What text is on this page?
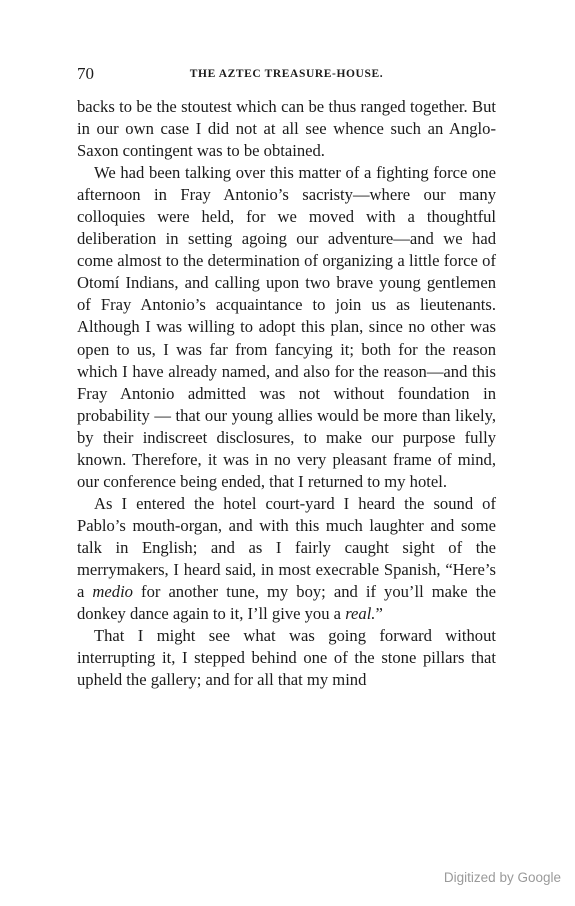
70	THE AZTEC TREASURE-HOUSE.

backs to be the stoutest which can be thus ranged together. But in our own case I did not at all see whence such an Anglo-Saxon contingent was to be obtained.

We had been talking over this matter of a fighting force one afternoon in Fray Antonio’s sacristy—where our many colloquies were held, for we moved with a thoughtful deliberation in setting agoing our adventure—and we had come almost to the determination of organizing a little force of Otomí Indians, and calling upon two brave young gentlemen of Fray Antonio’s acquaintance to join us as lieutenants. Although I was willing to adopt this plan, since no other was open to us, I was far from fancying it; both for the reason which I have already named, and also for the reason—and this Fray Antonio admitted was not without foundation in probability — that our young allies would be more than likely, by their indiscreet disclosures, to make our purpose fully known. Therefore, it was in no very pleasant frame of mind, our conference being ended, that I returned to my hotel.

As I entered the hotel court-yard I heard the sound of Pablo’s mouth-organ, and with this much laughter and some talk in English; and as I fairly caught sight of the merrymakers, I heard said, in most execrable Spanish, “Here’s a medio for another tune, my boy; and if you’ll make the donkey dance again to it, I’ll give you a real.”

That I might see what was going forward without interrupting it, I stepped behind one of the stone pillars that upheld the gallery; and for all that my mind

Digitized by Google
